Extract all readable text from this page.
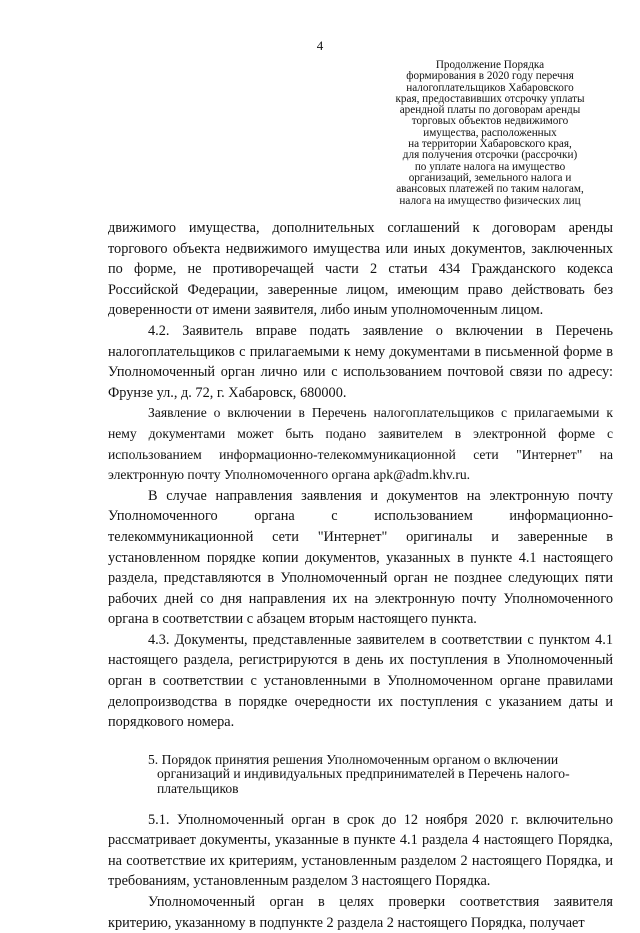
4
Продолжение Порядка
формирования в 2020 году перечня
налогоплательщиков Хабаровского
края, предоставивших отсрочку уплаты
арендной платы по договорам аренды
торговых объектов недвижимого
имущества, расположенных
на территории Хабаровского края,
для получения отсрочки (рассрочки)
по уплате налога на имущество
организаций, земельного налога и
авансовых платежей по таким налогам,
налога на имущество физических лиц

движимого имущества, дополнительных соглашений к договорам аренды торгового объекта недвижимого имущества или иных документов, заключенных по форме, не противоречащей части 2 статьи 434 Гражданского кодекса Российской Федерации, заверенные лицом, имеющим право действовать без доверенности от имени заявителя, либо иным уполномоченным лицом.

4.2. Заявитель вправе подать заявление о включении в Перечень налогоплательщиков с прилагаемыми к нему документами в письменной форме в Уполномоченный орган лично или с использованием почтовой связи по адресу: Фрунзе ул., д. 72, г. Хабаровск, 680000.

Заявление о включении в Перечень налогоплательщиков с прилагаемыми к нему документами может быть подано заявителем в электронной форме с использованием информационно-телекоммуникационной сети "Интернет" на электронную почту Уполномоченного органа apk@adm.khv.ru.

В случае направления заявления и документов на электронную почту Уполномоченного органа с использованием информационно-телекоммуникационной сети "Интернет" оригиналы и заверенные в установленном порядке копии документов, указанных в пункте 4.1 настоящего раздела, представляются в Уполномоченный орган не позднее следующих пяти рабочих дней со дня направления их на электронную почту Уполномоченного органа в соответствии с абзацем вторым настоящего пункта.

4.3. Документы, представленные заявителем в соответствии с пунктом 4.1 настоящего раздела, регистрируются в день их поступления в Уполномоченный орган в соответствии с установленными в Уполномоченном органе правилами делопроизводства в порядке очередности их поступления с указанием даты и порядкового номера.

5. Порядок принятия решения Уполномоченным органом о включении
организаций и индивидуальных предпринимателей в Перечень налого-
плательщиков

5.1. Уполномоченный орган в срок до 12 ноября 2020 г. включительно рассматривает документы, указанные в пункте 4.1 раздела 4 настоящего Порядка, на соответствие их критериям, установленным разделом 2 настоящего Порядка, и требованиям, установленным разделом 3 настоящего Порядка.

Уполномоченный орган в целях проверки соответствия заявителя критерию, указанному в подпункте 2 раздела 2 настоящего Порядка, получает
